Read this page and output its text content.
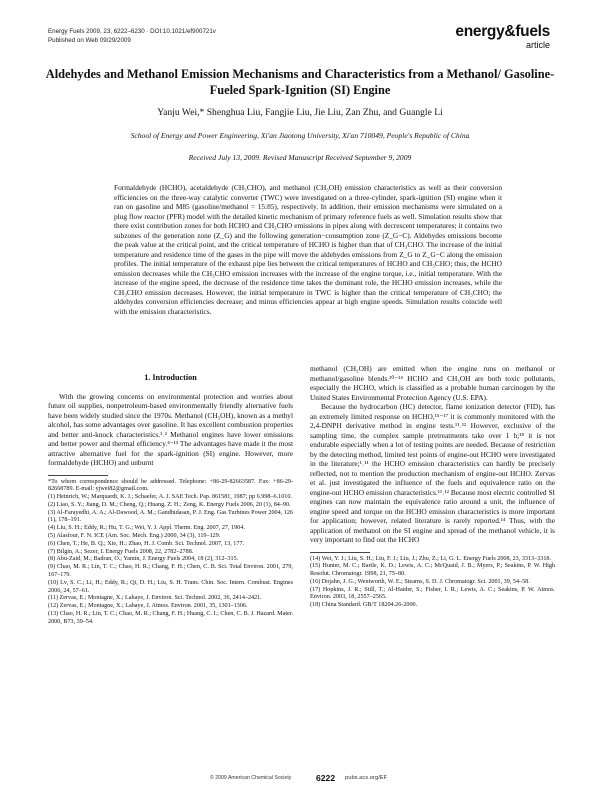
Energy Fuels 2009, 23, 6222–6230 · DOI:10.1021/ef900721v
Published on Web 09/29/2009
energy&fuels
article
Aldehydes and Methanol Emission Mechanisms and Characteristics from a Methanol/ Gasoline-Fueled Spark-Ignition (SI) Engine
Yanju Wei,* Shenghua Liu, Fangjie Liu, Jie Liu, Zan Zhu, and Guangle Li
School of Energy and Power Engineering, Xi'an Jiaotong University, Xi'an 710049, People's Republic of China
Received July 13, 2009. Revised Manuscript Received September 9, 2009
Formaldehyde (HCHO), acetaldehyde (CH₃CHO), and methanol (CH₃OH) emission characteristics as well as their conversion efficiencies on the three-way catalytic converter (TWC) were investigated on a three-cylinder, spark-ignition (SI) engine when it ran on gasoline and M85 (gasoline/methanol = 15:85), respectively. In addition, their emission mechanisms were simulated on a plug flow reactor (PFR) model with the detailed kinetic mechanism of primary reference fuels as well. Simulation results show that there exist contribution zones for both HCHO and CH₃CHO emissions in pipes along with decrescent temperatures; it contains two subzones of the generation zone (Z_G) and the following generation−consumption zone (Z_G−C). Aldehydes emissions become the peak value at the critical point, and the critical temperature of HCHO is higher than that of CH₃CHO. The increase of the initial temperature and residence time of the gases in the pipe will move the aldehydes emissions from Z_G to Z_G−C along the emission profiles. The initial temperature of the exhaust pipe lies between the critical temperatures of HCHO and CH₃CHO; thus, the HCHO emission decreases while the CH₃CHO emission increases with the increase of the engine torque, i.e., initial temperature. With the increase of the engine speed, the decrease of the residence time takes the dominant role, the HCHO emission increases, while the CH₃CHO emission decreases. However, the initial temperature in TWC is higher than the critical temperature of CH₃CHO; the aldehydes conversion efficiencies decrease; and minus efficiencies appear at high engine speeds. Simulation results coincide well with the emission characteristics.
1. Introduction

With the growing concerns on environmental protection and worries about future oil supplies, nonpetroleum-based environmentally friendly alternative fuels have been widely studied since the 1970s. Methanol (CH₃OH), known as a methyl alcohol, has some advantages over gasoline. It has excellent combustion properties and better anti-knock characteristics.¹˒² Methanol engines have lower emissions and better power and thermal efficiency.⁴⁻¹³ The advantages have made it the most attractive alternative fuel for the spark-ignition (SI) engine. However, more formaldehyde (HCHO) and unburnt

*To whom correspondence should be addressed. Telephone: +86-29-82663587. Fax: +86-29-82668789. E-mail: yjwei82@gmail.com.
(1) Heinrich, W.; Marquardt, K. J.; Schaefer, A. J. SAE Tech. Pap. 861581, 1987; pp 6.998–6.1010.
(2) Liao, S. Y.; Jiang, D. M.; Cheng, Q.; Huang, Z. H.; Zeng, K. Energy Fuels 2006, 20 (1), 84–90.
(3) Al-Farayedhi, A. A.; Al-Dawood, A. M.; Gandhidasan, P. J. Eng. Gas Turbines Power 2004, 126 (1), 178–191.
(4) Liu, S. H.; Eddy, R.; Hu, T. G.; Wei, Y. J. Appl. Therm. Eng. 2007, 27, 1904.
(5) Alasfour, F. N. ICE (Am. Soc. Mech. Eng.) 2000, 34 (3), 119–129.
(6) Chen, T.; He, B. Q.; Xie, H.; Zhao, H. J. Comb. Sci. Technol. 2007, 13, 177.
(7) Bilgin, A.; Sezer, I. Energy Fuels 2008, 22, 2782–2788.
(8) Abu-Zaid, M.; Badran, O.; Yamin, J. Energy Fuels 2004, 18 (2), 312–315.
(9) Chao, M. R.; Lin, T. C.; Chao, H. R.; Chang, F. H.; Chen, C. B. Sci. Total Environ. 2001, 279, 167–179.
(10) Lv, S. C.; Li, H.; Eddy, R.; Qi, D. H.; Liu, S. H. Trans. Chin. Soc. Intern. Combust. Engines 2006, 24, 57–61.
(11) Zervas, E.; Montagne, X.; Lahaye, J. Environ. Sci. Technol. 2002, 36, 2414–2421.
(12) Zervas, E.; Montagne, X.; Lahaye, J. Atmos. Environ. 2001, 35, 1301–1306.
(13) Chao, H. R.; Lin, T. C.; Chao, M. R.; Chang, F. H.; Huang, C. I.; Chen, C. B. J. Hazard. Mater. 2000, B73, 39–54.

methanol (CH₃OH) are emitted when the engine runs on methanol or methanol/gasoline blends.¹⁰⁻¹⁴ HCHO and CH₃OH are both toxic pollutants, especially the HCHO, which is classified as a probable human carcinogen by the United States Environmental Protection Agency (U.S. EPA).

Because the hydrocarbon (HC) detector, flame ionization detector (FID), has an extremely limited response on HCHO,¹⁵⁻¹⁷ it is commonly monitored with the 2,4-DNPH derivative method in engine tests.¹¹˒¹² However, exclusive of the sampling time, the complex sample pretreatments take over 1 h;¹⁸ it is not endurable especially when a lot of testing points are needed. Because of restriction by the detecting method, limited test points of engine-out HCHO were investigated in the literature;¹˒¹¹ the HCHO emission characteristics can hardly be precisely reflected, not to mention the production mechanism of engine-out HCHO. Zervas et al. just investigated the influence of the fuels and equivalence ratio on the engine-out HCHO emission characteristics.¹¹˒¹² Because most electric controlled SI engines can now maintain the equivalence ratio around a unit, the influence of engine speed and torque on the HCHO emission characteristics is more important for application; however, related literature is rarely reported.¹⁴ Thus, with the application of methanol on the SI engine and spread of the methanol vehicle, it is very important to find out the HCHO

(14) Wei, Y. J.; Liu, S. H.; Liu, F. J.; Liu, J.; Zhu, Z.; Li, G. L. Energy Fuels 2008, 23, 3313–3318.
(15) Hunter, M. C.; Bartle, K. D.; Lewis, A. C.; McQuaid, J. B.; Myers, P.; Seakins, P. W. High Resolut. Chromatogr. 1998, 21, 75–80.
(16) Dojahn, J. G.; Wentworth, W. E.; Stearns, S. D. J. Chromatogr. Sci. 2001, 39, 54–58.
(17) Hopkins, J. R.; Still, T.; Al-Haider, S.; Fisher, I. R.; Lewis, A. C.; Seakins, P. W. Atmos. Environ. 2003, 18, 2557–2565.
(18) China Standard. GB/T 18204.26-2000.
© 2009 American Chemical Society	6222 pubs.acs.org/EF
